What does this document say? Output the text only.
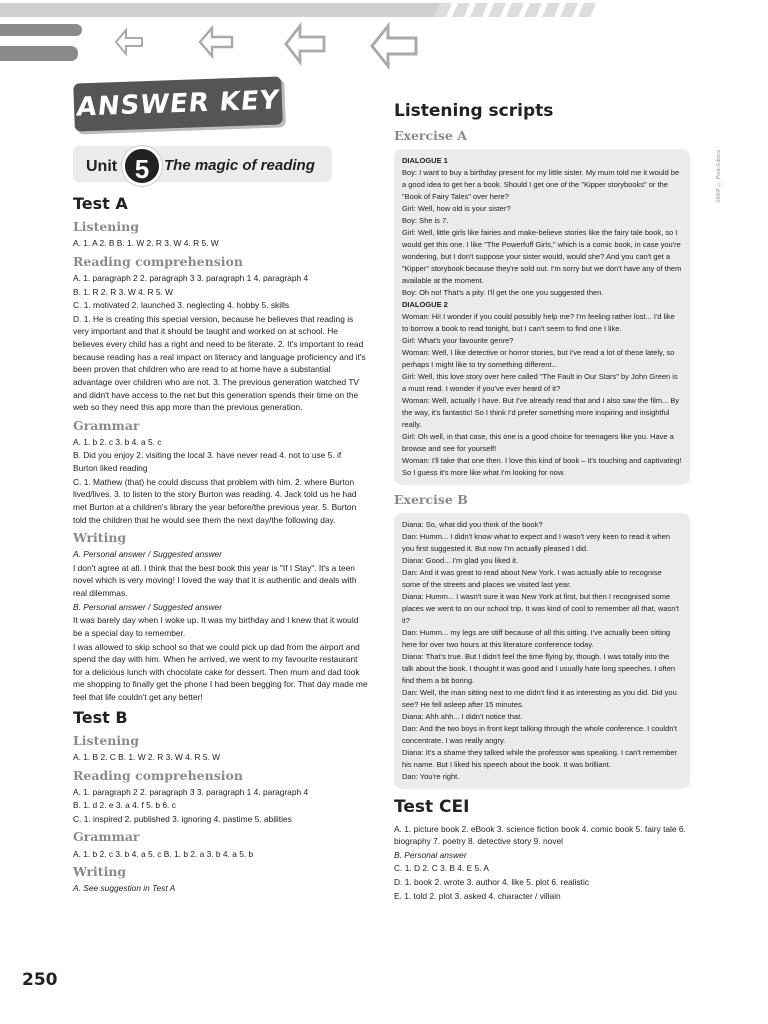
ANSWER KEY
Unit 5 The magic of reading
Test A
Listening
A. 1. A 2. B B. 1. W 2. R 3. W 4. R 5. W
Reading comprehension
A. 1. paragraph 2 2. paragraph 3 3. paragraph 1 4. paragraph 4
B. 1. R 2. R 3. W 4. R 5. W
C. 1. motivated 2. launched 3. neglecting 4. hobby 5. skills
D. 1. He is creating this special version, because he believes that reading is very important and that it should be taught and worked on at school. He believes every child has a right and need to be literate. 2. It's important to read because reading has a real impact on literacy and language proficiency and it's been proven that children who are read to at home have a substantial advantage over children who are not. 3. The previous generation watched TV and didn't have access to the net but this generation spends their time on the web so they need this app more than the previous generation.
Grammar
A. 1. b 2. c 3. b 4. a 5. c
B. Did you enjoy 2. visiting the local 3. have never read 4. not to use 5. if Burton liked reading
C. 1. Mathew (that) he could discuss that problem with him. 2. where Burton lived/lives. 3. to listen to the story Burton was reading. 4. Jack told us he had met Burton at a children's library the year before/the previous year. 5. Burton told the children that he would see them the next day/the following day.
Writing
A. Personal answer / Suggested answer
I don't agree at all. I think that the best book this year is "If I Stay". It's a teen novel which is very moving! I loved the way that it is authentic and deals with real dilemmas.
B. Personal answer / Suggested answer
It was barely day when I woke up. It was my birthday and I knew that it would be a special day to remember.
I was allowed to skip school so that we could pick up dad from the airport and spend the day with him. When he arrived, we went to my favourite restaurant for a delicious lunch with chocolate cake for dessert. Then mum and dad took me shopping to finally get the phone I had been begging for. That day made me feel that life couldn't get any better!
Test B
Listening
A. 1. B 2. C B. 1. W 2. R 3. W 4. R 5. W
Reading comprehension
A. 1. paragraph 2 2. paragraph 3 3. paragraph 1 4. paragraph 4
B. 1. d 2. e 3. a 4. f 5. b 6. c
C. 1. inspired 2. published 3. ignoring 4. pastime 5. abilities
Grammar
A. 1. b 2. c 3. b 4. a 5. c B. 1. b 2. a 3. b 4. a 5. b
Writing
A. See suggestion in Test A
Listening scripts
Exercise A
DIALOGUE 1
Boy: I want to buy a birthday present for my little sister. My mum told me it would be a good idea to get her a book. Should I get one of the "Kipper storybooks" or the "Book of Fairy Tales" over here?
Girl: Well, how old is your sister?
Boy: She is 7.
Girl: Well, little girls like fairies and make-believe stories like the fairy tale book, so I would get this one. I like "The Powerfuff Girls," which is a comic book, in case you're wondering, but I don't suppose your sister would, would she? And you can't get a "Kipper" storybook because they're sold out. I'm sorry but we don't have any of them available at the moment.
Boy: Oh no! That's a pity. I'll get the one you suggested then.
DIALOGUE 2
Woman: Hi! I wonder if you could possibly help me? I'm feeling rather lost... I'd like to borrow a book to read tonight, but I can't seem to find one I like.
Girl: What's your favourite genre?
Woman: Well, I like detective or horror stories, but I've read a lot of these lately, so perhaps I might like to try something different...
Girl: Well, this love story over here called "The Fault in Our Stars" by John Green is a must read. I wonder if you've ever heard of it?
Woman: Well, actually I have. But I've already read that and I also saw the film... By the way, it's fantastic! So I think I'd prefer something more inspiring and insightful really.
Girl: Oh well, in that case, this one is a good choice for teenagers like you. Have a browse and see for yourself!
Woman: I'll take that one then. I love this kind of book – it's touching and captivating! So I guess it's more like what I'm looking for now.
Exercise B
Diana: So, what did you think of the book?
Dan: Humm... I didn't know what to expect and I wasn't very keen to read it when you first suggested it. But now I'm actually pleased I did.
Diana: Good... I'm glad you liked it.
Dan: And it was great to read about New York. I was actually able to recognise some of the streets and places we visited last year.
Diana: Humm... I wasn't sure it was New York at first, but then I recognised some places we went to on our school trip. It was kind of cool to remember all that, wasn't it?
Dan: Humm... my legs are stiff because of all this sitting. I've actually been sitting here for over two hours at this literature conference today.
Diana: That's true. But I didn't feel the time flying by, though. I was totally into the talk about the book. I thought it was good and I usually hate long speeches. I often find them a bit boring.
Dan: Well, the man sitting next to me didn't find it as interesting as you did. Did you see? He fell asleep after 15 minutes.
Diana: Ahh ahh... I didn't notice that.
Dan: And the two boys in front kept talking through the whole conference. I couldn't concentrate. I was really angry.
Diana: It's a shame they talked while the professor was speaking. I can't remember his name. But I liked his speech about the book. It was brilliant.
Dan: You're right.
Test CEI
A. 1. picture book 2. eBook 3. science fiction book 4. comic book 5. fairy tale 6. biography 7. poetry 8. detective story 9. novel
B. Personal answer
C. 1. D 2. C 3. B 4. E 5. A
D. 1. book 2. wrote 3. author 4. like 5. plot 6. realistic
E. 1. told 2. plot 3. asked 4. character / villain
SMMP © Porto Editora
250
